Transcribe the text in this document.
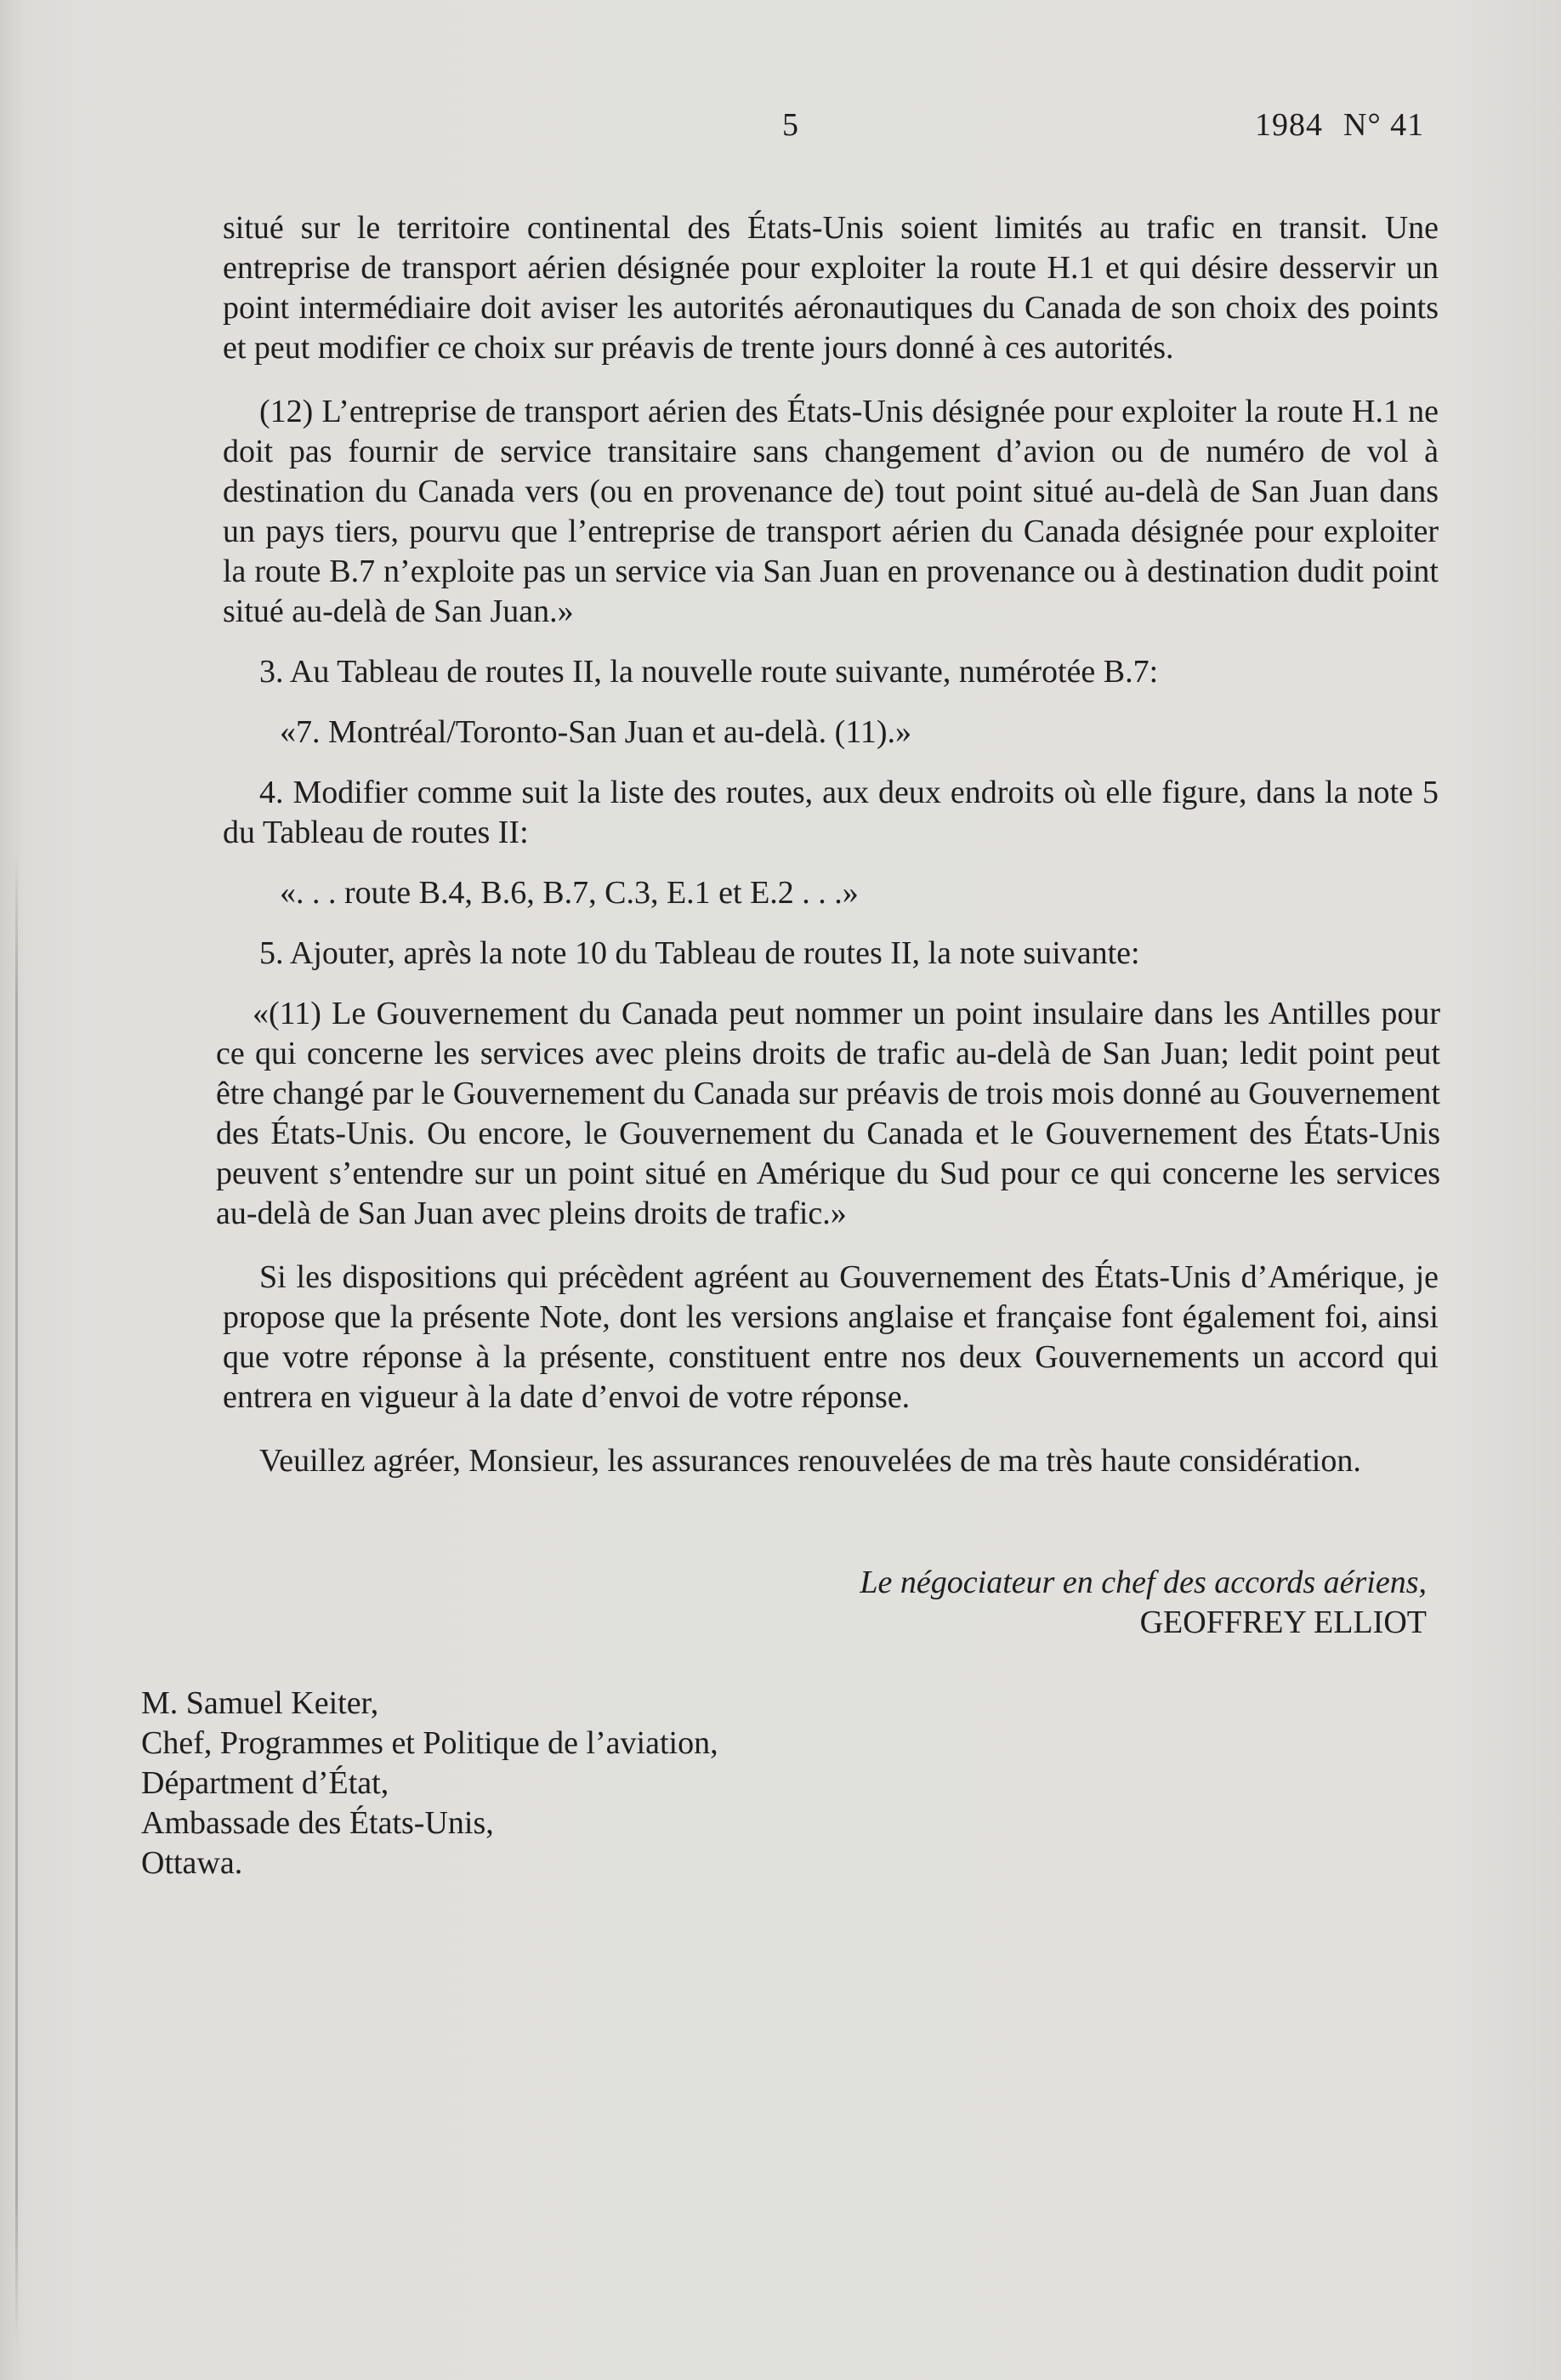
5	1984 N° 41

situé sur le territoire continental des États-Unis soient limités au trafic en transit. Une entreprise de transport aérien désignée pour exploiter la route H.1 et qui désire desservir un point intermédiaire doit aviser les autorités aéronautiques du Canada de son choix des points et peut modifier ce choix sur préavis de trente jours donné à ces autorités.

(12) L’entreprise de transport aérien des États-Unis désignée pour exploiter la route H.1 ne doit pas fournir de service transitaire sans changement d’avion ou de numéro de vol à destination du Canada vers (ou en provenance de) tout point situé au-delà de San Juan dans un pays tiers, pourvu que l’entreprise de transport aérien du Canada désignée pour exploiter la route B.7 n’exploite pas un service via San Juan en provenance ou à destination dudit point situé au-delà de San Juan.»

3. Au Tableau de routes II, la nouvelle route suivante, numérotée B.7:

«7. Montréal/Toronto-San Juan et au-delà. (11).»

4. Modifier comme suit la liste des routes, aux deux endroits où elle figure, dans la note 5 du Tableau de routes II:

«. . . route B.4, B.6, B.7, C.3, E.1 et E.2 . . .»

5. Ajouter, après la note 10 du Tableau de routes II, la note suivante:

«(11) Le Gouvernement du Canada peut nommer un point insulaire dans les Antilles pour ce qui concerne les services avec pleins droits de trafic au-delà de San Juan; ledit point peut être changé par le Gouvernement du Canada sur préavis de trois mois donné au Gouvernement des États-Unis. Ou encore, le Gouvernement du Canada et le Gouvernement des États-Unis peuvent s’entendre sur un point situé en Amérique du Sud pour ce qui concerne les services au-delà de San Juan avec pleins droits de trafic.»

Si les dispositions qui précèdent agréent au Gouvernement des États-Unis d’Amérique, je propose que la présente Note, dont les versions anglaise et française font également foi, ainsi que votre réponse à la présente, constituent entre nos deux Gouvernements un accord qui entrera en vigueur à la date d’envoi de votre réponse.

Veuillez agréer, Monsieur, les assurances renouvelées de ma très haute considération.

Le négociateur en chef des accords aériens,
GEOFFREY ELLIOT
M. Samuel Keiter,
Chef, Programmes et Politique de l’aviation,
Départment d’État,
Ambassade des États-Unis,
Ottawa.
